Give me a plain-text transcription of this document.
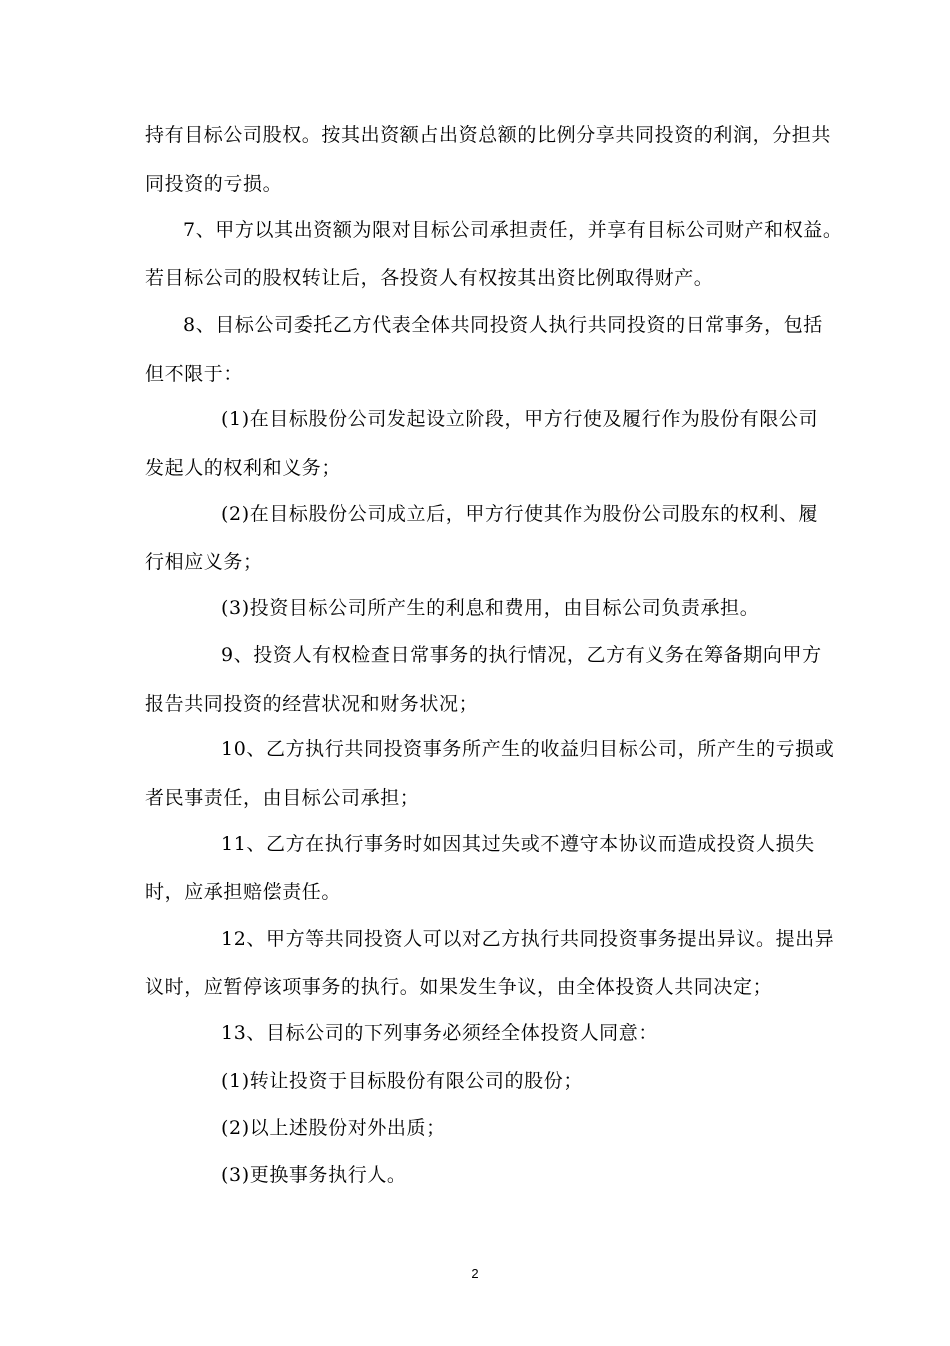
持有目标公司股权。按其出资额占出资总额的比例分享共同投资的利润，分担共
同投资的亏损。
7、甲方以其出资额为限对目标公司承担责任，并享有目标公司财产和权益。
若目标公司的股权转让后，各投资人有权按其出资比例取得财产。
8、目标公司委托乙方代表全体共同投资人执行共同投资的日常事务，包括
但不限于：
(1)在目标股份公司发起设立阶段，甲方行使及履行作为股份有限公司
发起人的权利和义务；
(2)在目标股份公司成立后，甲方行使其作为股份公司股东的权利、履
行相应义务；
(3)投资目标公司所产生的利息和费用，由目标公司负责承担。
9、投资人有权检查日常事务的执行情况，乙方有义务在筹备期向甲方
报告共同投资的经营状况和财务状况；
10、乙方执行共同投资事务所产生的收益归目标公司，所产生的亏损或
者民事责任，由目标公司承担；
11、乙方在执行事务时如因其过失或不遵守本协议而造成投资人损失
时，应承担赔偿责任。
12、甲方等共同投资人可以对乙方执行共同投资事务提出异议。提出异
议时，应暂停该项事务的执行。如果发生争议，由全体投资人共同决定；
13、目标公司的下列事务必须经全体投资人同意：
(1)转让投资于目标股份有限公司的股份；
(2)以上述股份对外出质；
(3)更换事务执行人。
2
